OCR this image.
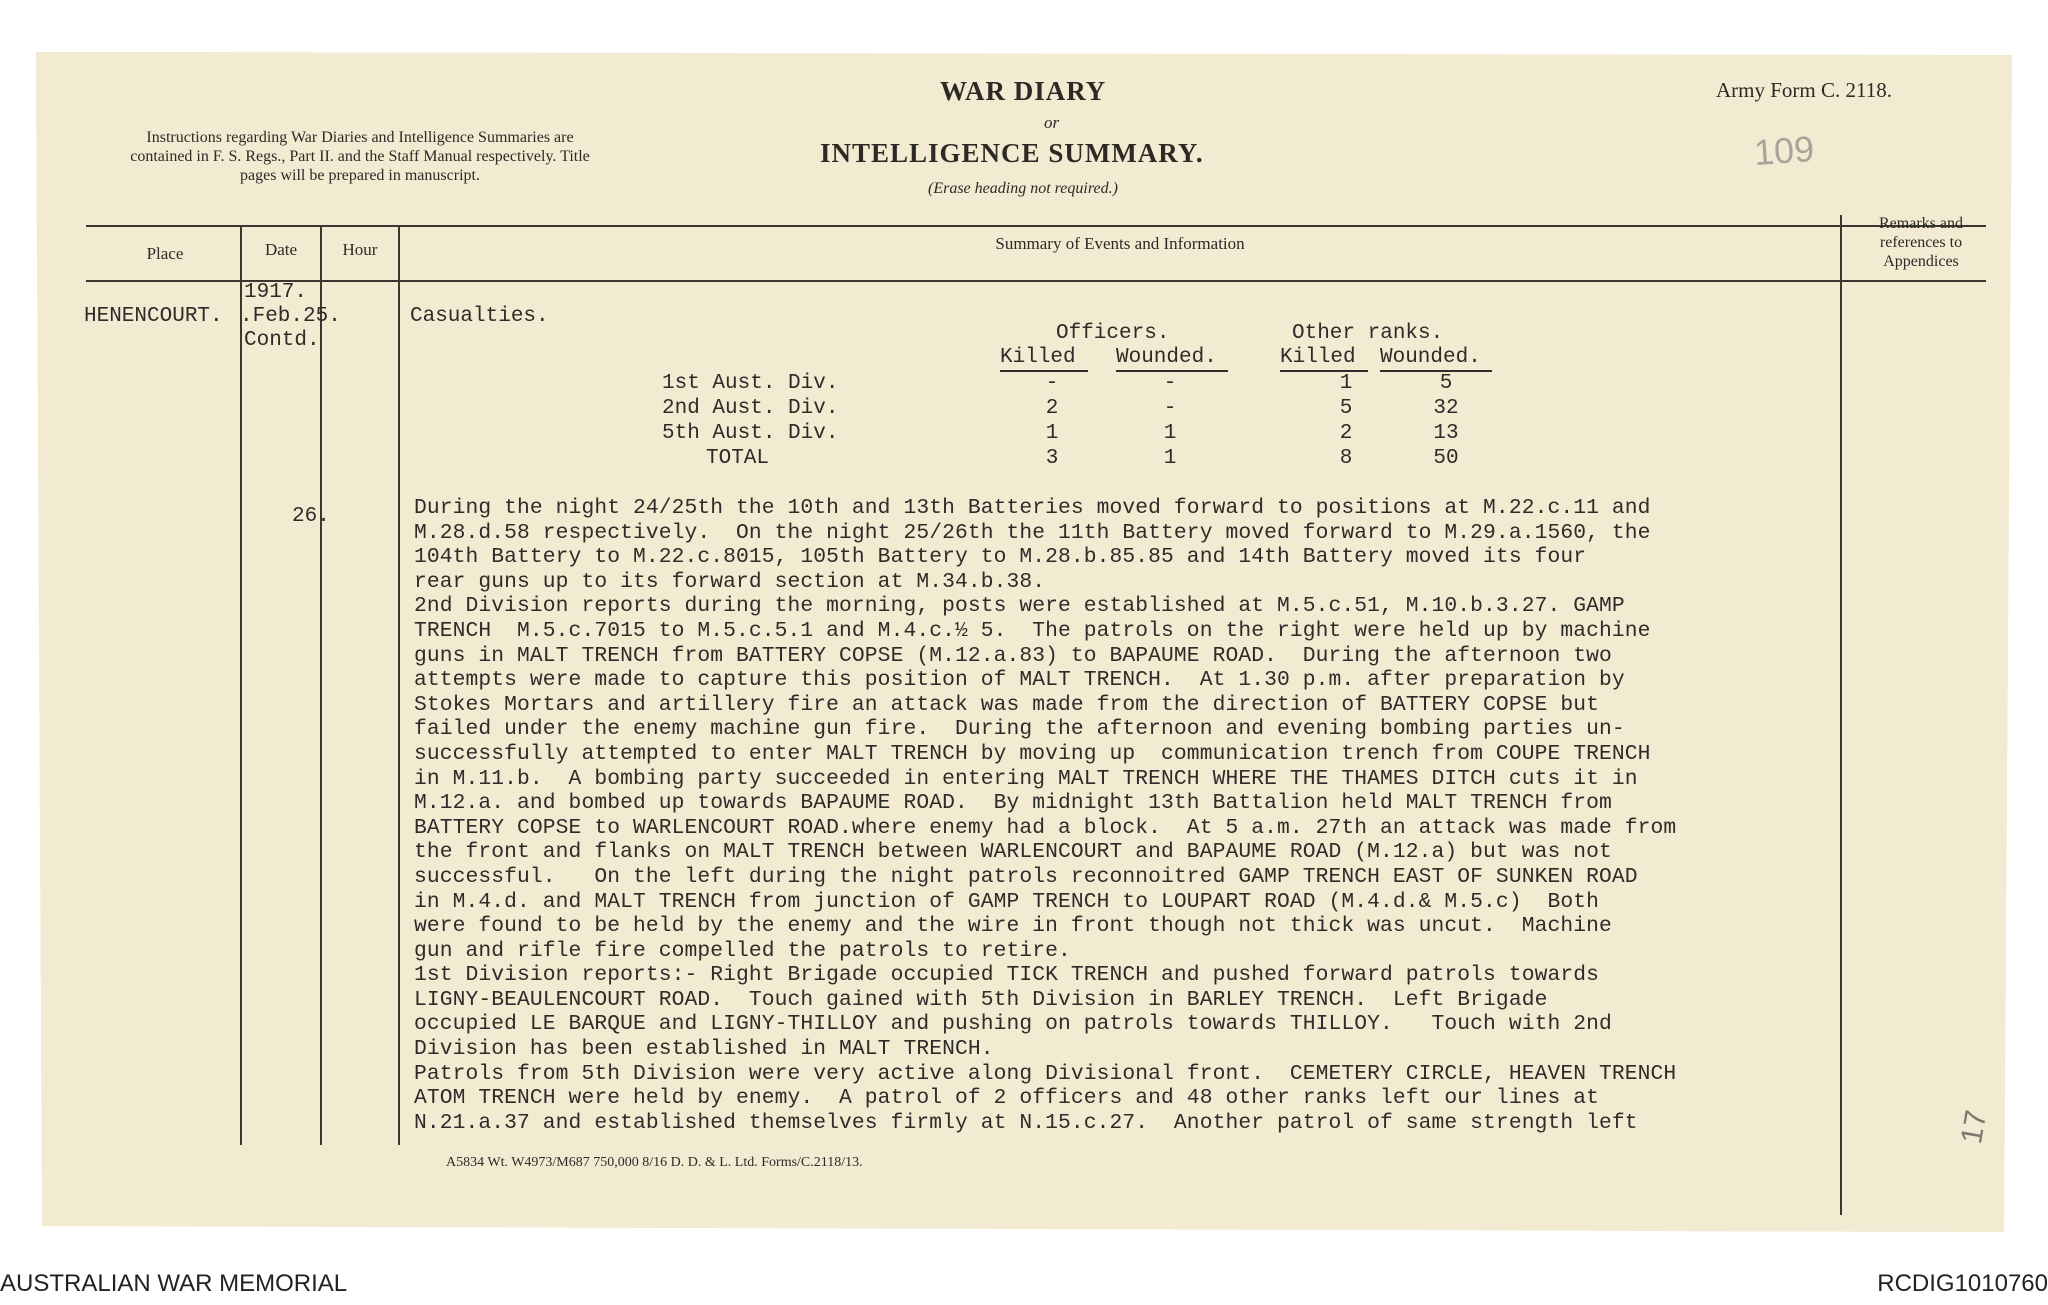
WAR DIARY
or
INTELLIGENCE SUMMARY.
(Erase heading not required.)
Army Form C. 2118.
109
Instructions regarding War Diaries and Intelligence Summaries are contained in F. S. Regs., Part II. and the Staff Manual respectively. Title pages will be prepared in manuscript.
Place	Date	Hour	Summary of Events and Information
Remarks and references to Appendices
1917.
.Feb.25.
Contd.
HENENCOURT.	Casualties.
Officers.	Other ranks.
Killed Wounded.	Killed Wounded.
1st Aust. Div.	-	-	1	5
2nd Aust. Div.	2	-	5	32
5th Aust. Div.	1	1	2	13
TOTAL	3	1	8	50
26.	During the night 24/25th the 10th and 13th Batteries moved forward to positions at M.22.c.11 and
M.28.d.58 respectively.  On the night 25/26th the 11th Battery moved forward to M.29.a.1560, the
104th Battery to M.22.c.8015, 105th Battery to M.28.b.85.85 and 14th Battery moved its four
rear guns up to its forward section at M.34.b.38.
2nd Division reports during the morning, posts were established at M.5.c.51, M.10.b.3.27. GAMP
TRENCH  M.5.c.7015 to M.5.c.5.1 and M.4.c.½ 5.  The patrols on the right were held up by machine
guns in MALT TRENCH from BATTERY COPSE (M.12.a.83) to BAPAUME ROAD.  During the afternoon two
attempts were made to capture this position of MALT TRENCH.  At 1.30 p.m. after preparation by
Stokes Mortars and artillery fire an attack was made from the direction of BATTERY COPSE but
failed under the enemy machine gun fire.  During the afternoon and evening bombing parties un-
successfully attempted to enter MALT TRENCH by moving up  communication trench from COUPE TRENCH
in M.11.b.  A bombing party succeeded in entering MALT TRENCH WHERE THE THAMES DITCH cuts it in
M.12.a. and bombed up towards BAPAUME ROAD.  By midnight 13th Battalion held MALT TRENCH from
BATTERY COPSE to WARLENCOURT ROAD.where enemy had a block.  At 5 a.m. 27th an attack was made from
the front and flanks on MALT TRENCH between WARLENCOURT and BAPAUME ROAD (M.12.a) but was not
successful.   On the left during the night patrols reconnoitred GAMP TRENCH EAST OF SUNKEN ROAD
in M.4.d. and MALT TRENCH from junction of GAMP TRENCH to LOUPART ROAD (M.4.d.& M.5.c)  Both
were found to be held by the enemy and the wire in front though not thick was uncut.  Machine
gun and rifle fire compelled the patrols to retire.
1st Division reports:- Right Brigade occupied TICK TRENCH and pushed forward patrols towards
LIGNY-BEAULENCOURT ROAD.  Touch gained with 5th Division in BARLEY TRENCH.  Left Brigade
occupied LE BARQUE and LIGNY-THILLOY and pushing on patrols towards THILLOY.   Touch with 2nd
Division has been established in MALT TRENCH.
Patrols from 5th Division were very active along Divisional front.  CEMETERY CIRCLE, HEAVEN TRENCH
ATOM TRENCH were held by enemy.  A patrol of 2 officers and 48 other ranks left our lines at
N.21.a.37 and established themselves firmly at N.15.c.27.  Another patrol of same strength left
A5834 Wt. W4973/M687 750,000 8/16 D. D. & L. Ltd. Forms/C.2118/13.
17
AUSTRALIAN WAR MEMORIAL	RCDIG1010760
